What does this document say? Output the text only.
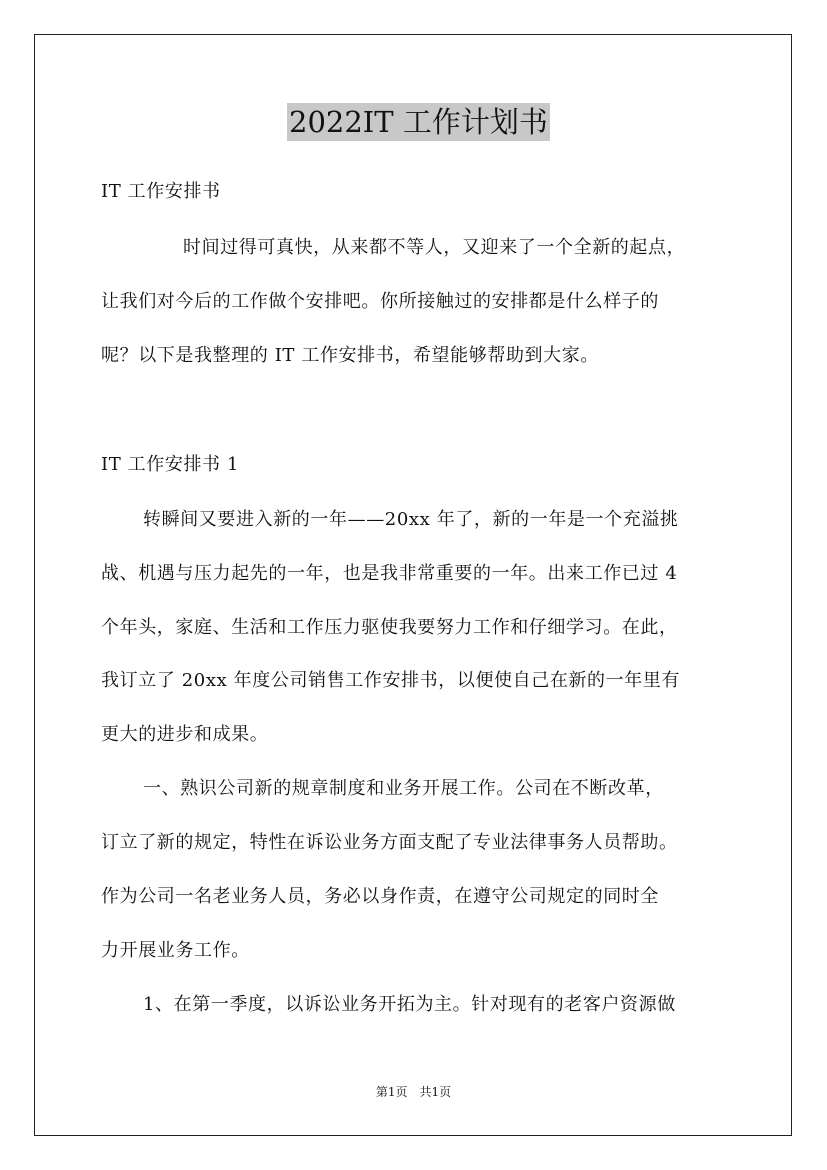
2022IT 工作计划书
IT 工作安排书
时间过得可真快，从来都不等人，又迎来了一个全新的起点，
让我们对今后的工作做个安排吧。你所接触过的安排都是什么样子的
呢？以下是我整理的 IT 工作安排书，希望能够帮助到大家。
IT 工作安排书 1
转瞬间又要进入新的一年——20xx 年了，新的一年是一个充溢挑
战、机遇与压力起先的一年，也是我非常重要的一年。出来工作已过 4
个年头，家庭、生活和工作压力驱使我要努力工作和仔细学习。在此，
我订立了 20xx 年度公司销售工作安排书，以便使自己在新的一年里有
更大的进步和成果。
一、熟识公司新的规章制度和业务开展工作。公司在不断改革，
订立了新的规定，特性在诉讼业务方面支配了专业法律事务人员帮助。
作为公司一名老业务人员，务必以身作责，在遵守公司规定的同时全
力开展业务工作。
1、在第一季度，以诉讼业务开拓为主。针对现有的老客户资源做
第1页　共1页
